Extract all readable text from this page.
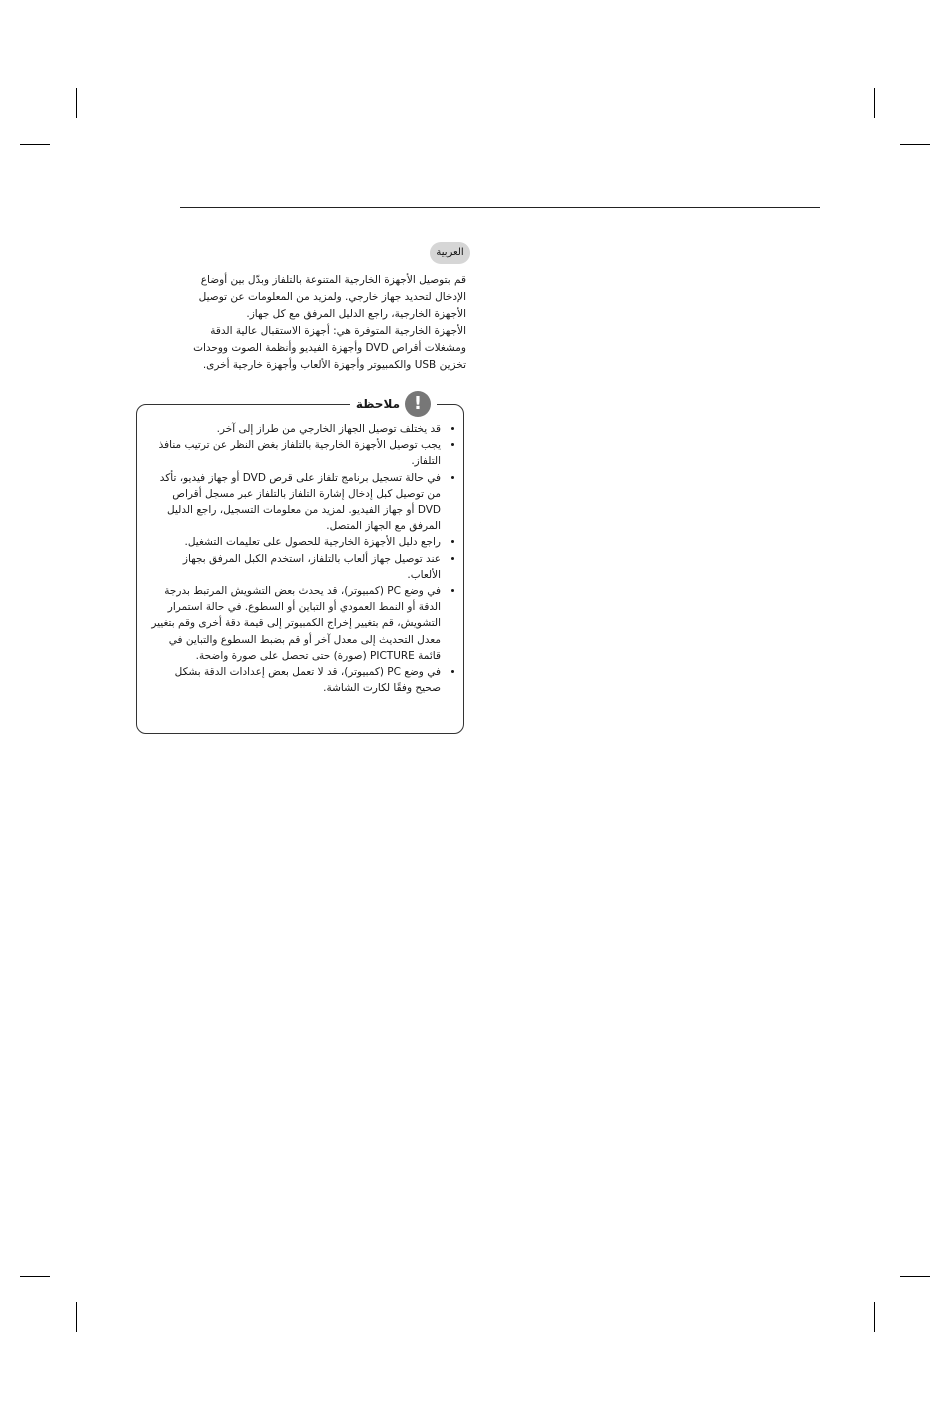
العربية

قم بتوصيل الأجهزة الخارجية المتنوعة بالتلفاز وبدّل بين أوضاع الإدخال لتحديد جهاز خارجي. ولمزيد من المعلومات عن توصيل الأجهزة الخارجية، راجع الدليل المرفق مع كل جهاز.

الأجهزة الخارجية المتوفرة هي: أجهزة الاستقبال عالية الدقة ومشغلات أقراص DVD وأجهزة الفيديو وأنظمة الصوت ووحدات تخزين USB والكمبيوتر وأجهزة الألعاب وأجهزة خارجية أخرى.

!
ملاحظة
• قد يختلف توصيل الجهاز الخارجي من طراز إلى آخر.
• يجب توصيل الأجهزة الخارجية بالتلفاز بغض النظر عن ترتيب منافذ التلفاز.
• في حالة تسجيل برنامج تلفاز على قرص DVD أو جهاز فيديو، تأكد من توصيل كبل إدخال إشارة التلفاز بالتلفاز عبر مسجل أقراص DVD أو جهاز الفيديو. لمزيد من معلومات التسجيل، راجع الدليل المرفق مع الجهاز المتصل.
• راجع دليل الأجهزة الخارجية للحصول على تعليمات التشغيل.
• عند توصيل جهاز ألعاب بالتلفاز، استخدم الكبل المرفق بجهاز الألعاب.
• في وضع PC (كمبيوتر)، قد يحدث بعض التشويش المرتبط بدرجة الدقة أو النمط العمودي أو التباين أو السطوع. في حالة استمرار التشويش، قم بتغيير إخراج الكمبيوتر إلى قيمة دقة أخرى وقم بتغيير معدل التحديث إلى معدل آخر أو قم بضبط السطوع والتباين في قائمة PICTURE (صورة) حتى تحصل على صورة واضحة.
• في وضع PC (كمبيوتر)، قد لا تعمل بعض إعدادات الدقة بشكل صحيح وفقًا لكارت الشاشة.
